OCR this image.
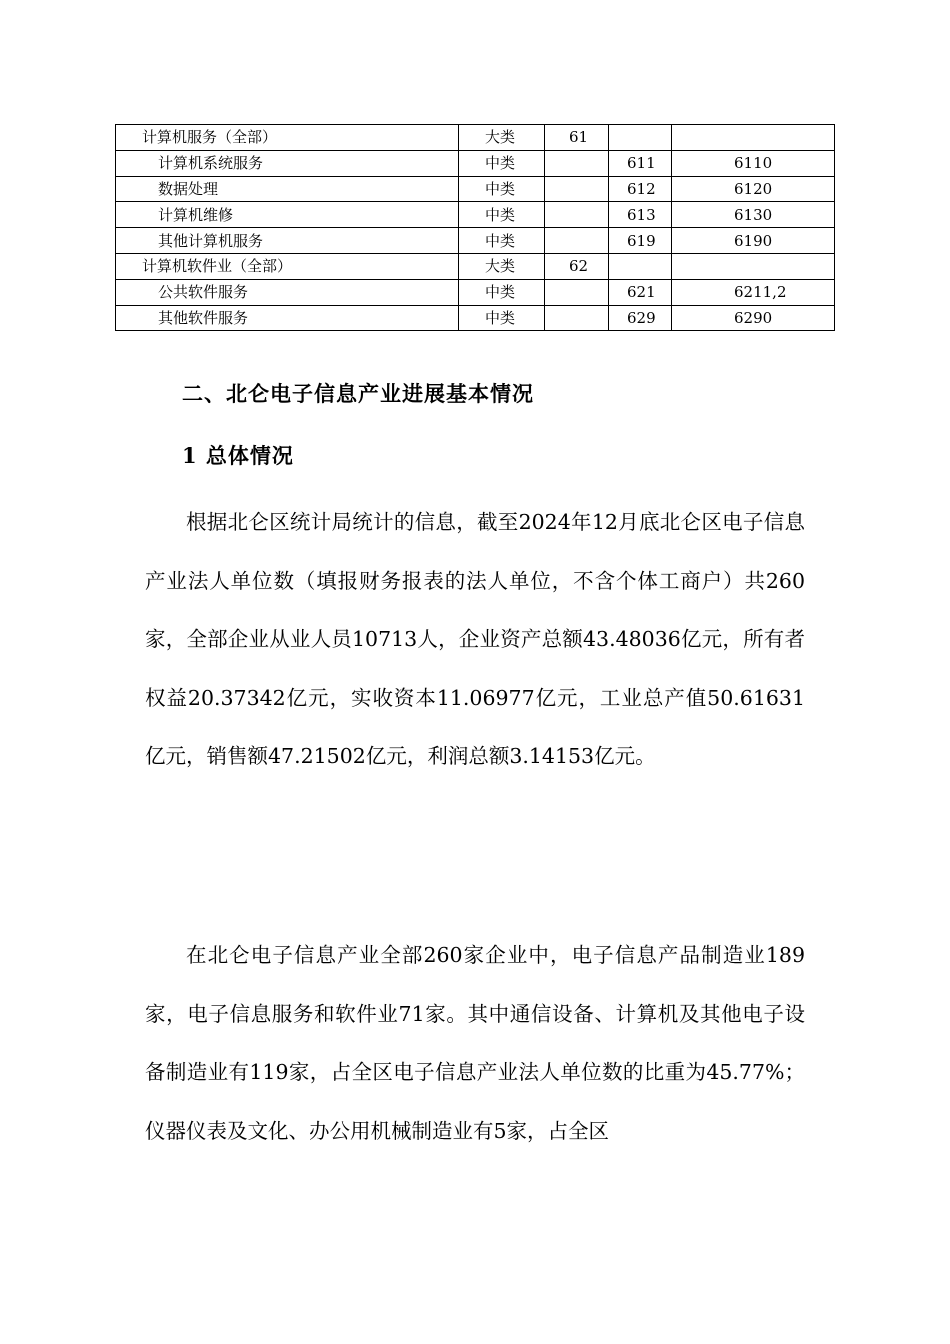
计算机服务（全部）	大类	61		
计算机系统服务	中类		611	6110
数据处理	中类		612	6120
计算机维修	中类		613	6130
其他计算机服务	中类		619	6190
计算机软件业（全部）	大类	62		
公共软件服务	中类		621	6211,2
其他软件服务	中类		629	6290
二、北仑电子信息产业进展基本情况
1 总体情况

根据北仑区统计局统计的信息，截至2024年12月底北仑区电子信息产业法人单位数（填报财务报表的法人单位，不含个体工商户）共260家，全部企业从业人员10713人，企业资产总额43.48036亿元，所有者权益20.37342亿元，实收资本11.06977亿元，工业总产值50.61631亿元，销售额47.21502亿元，利润总额3.14153亿元。

在北仑电子信息产业全部260家企业中，电子信息产品制造业189家，电子信息服务和软件业71家。其中通信设备、计算机及其他电子设备制造业有119家，占全区电子信息产业法人单位数的比重为45.77%；仪器仪表及文化、办公用机械制造业有5家，占全区
